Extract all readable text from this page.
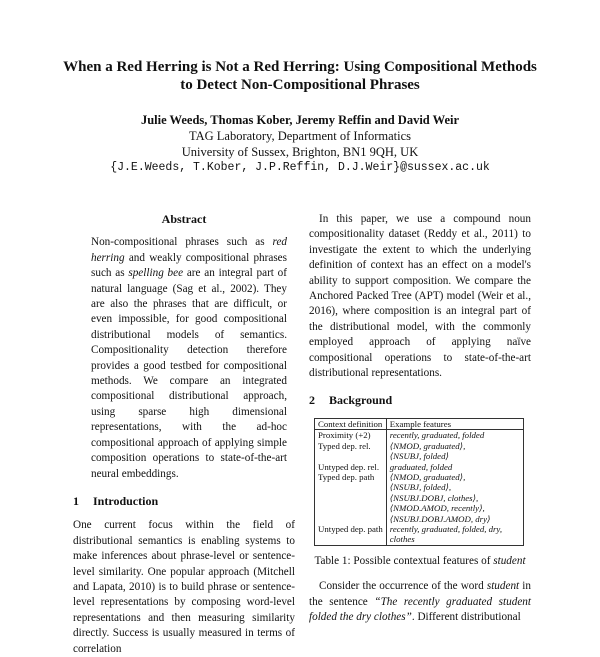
When a Red Herring is Not a Red Herring: Using Compositional Methods
to Detect Non-Compositional Phrases
Julie Weeds, Thomas Kober, Jeremy Reffin and David Weir
TAG Laboratory, Department of Informatics
University of Sussex, Brighton, BN1 9QH, UK
{J.E.Weeds, T.Kober, J.P.Reffin, D.J.Weir}@sussex.ac.uk
Abstract

Non-compositional phrases such as red herring and weakly compositional phrases such as spelling bee are an integral part of natural language (Sag et al., 2002). They are also the phrases that are difficult, or even impossible, for good compositional distributional models of semantics. Compositionality detection therefore provides a good testbed for compositional methods. We compare an integrated compositional distributional approach, using sparse high dimensional representations, with the ad-hoc compositional approach of applying simple composition operations to state-of-the-art neural embeddings.

1 Introduction

One current focus within the field of distributional semantics is enabling systems to make inferences about phrase-level or sentence-level similarity. One popular approach (Mitchell and Lapata, 2010) is to build phrase or sentence-level representations by composing word-level representations and then measuring similarity directly. Success is usually measured in terms of correlation

In this paper, we use a compound noun compositionality dataset (Reddy et al., 2011) to investigate the extent to which the underlying definition of context has an effect on a model's ability to support composition. We compare the Anchored Packed Tree (APT) model (Weir et al., 2016), where composition is an integral part of the distributional model, with the commonly employed approach of applying naïve compositional operations to state-of-the-art distributional representations.

2 Background
Context definition	Example features
Proximity (+2)	recently, graduated, folded
Typed dep. rel.	⟨NMOD, graduated⟩,
	⟨NSUBJ, folded⟩
Untyped dep. rel.	graduated, folded
Typed dep. path	⟨NMOD, graduated⟩,
	⟨NSUBJ, folded⟩,
	⟨NSUBJ.DOBJ, clothes⟩,
	⟨NMOD.AMOD, recently⟩,
	⟨NSUBJ.DOBJ.AMOD, dry⟩
Untyped dep. path	recently, graduated, folded, dry, clothes
Table 1: Possible contextual features of student

Consider the occurrence of the word student in the sentence “The recently graduated student folded the dry clothes”. Different distributional
